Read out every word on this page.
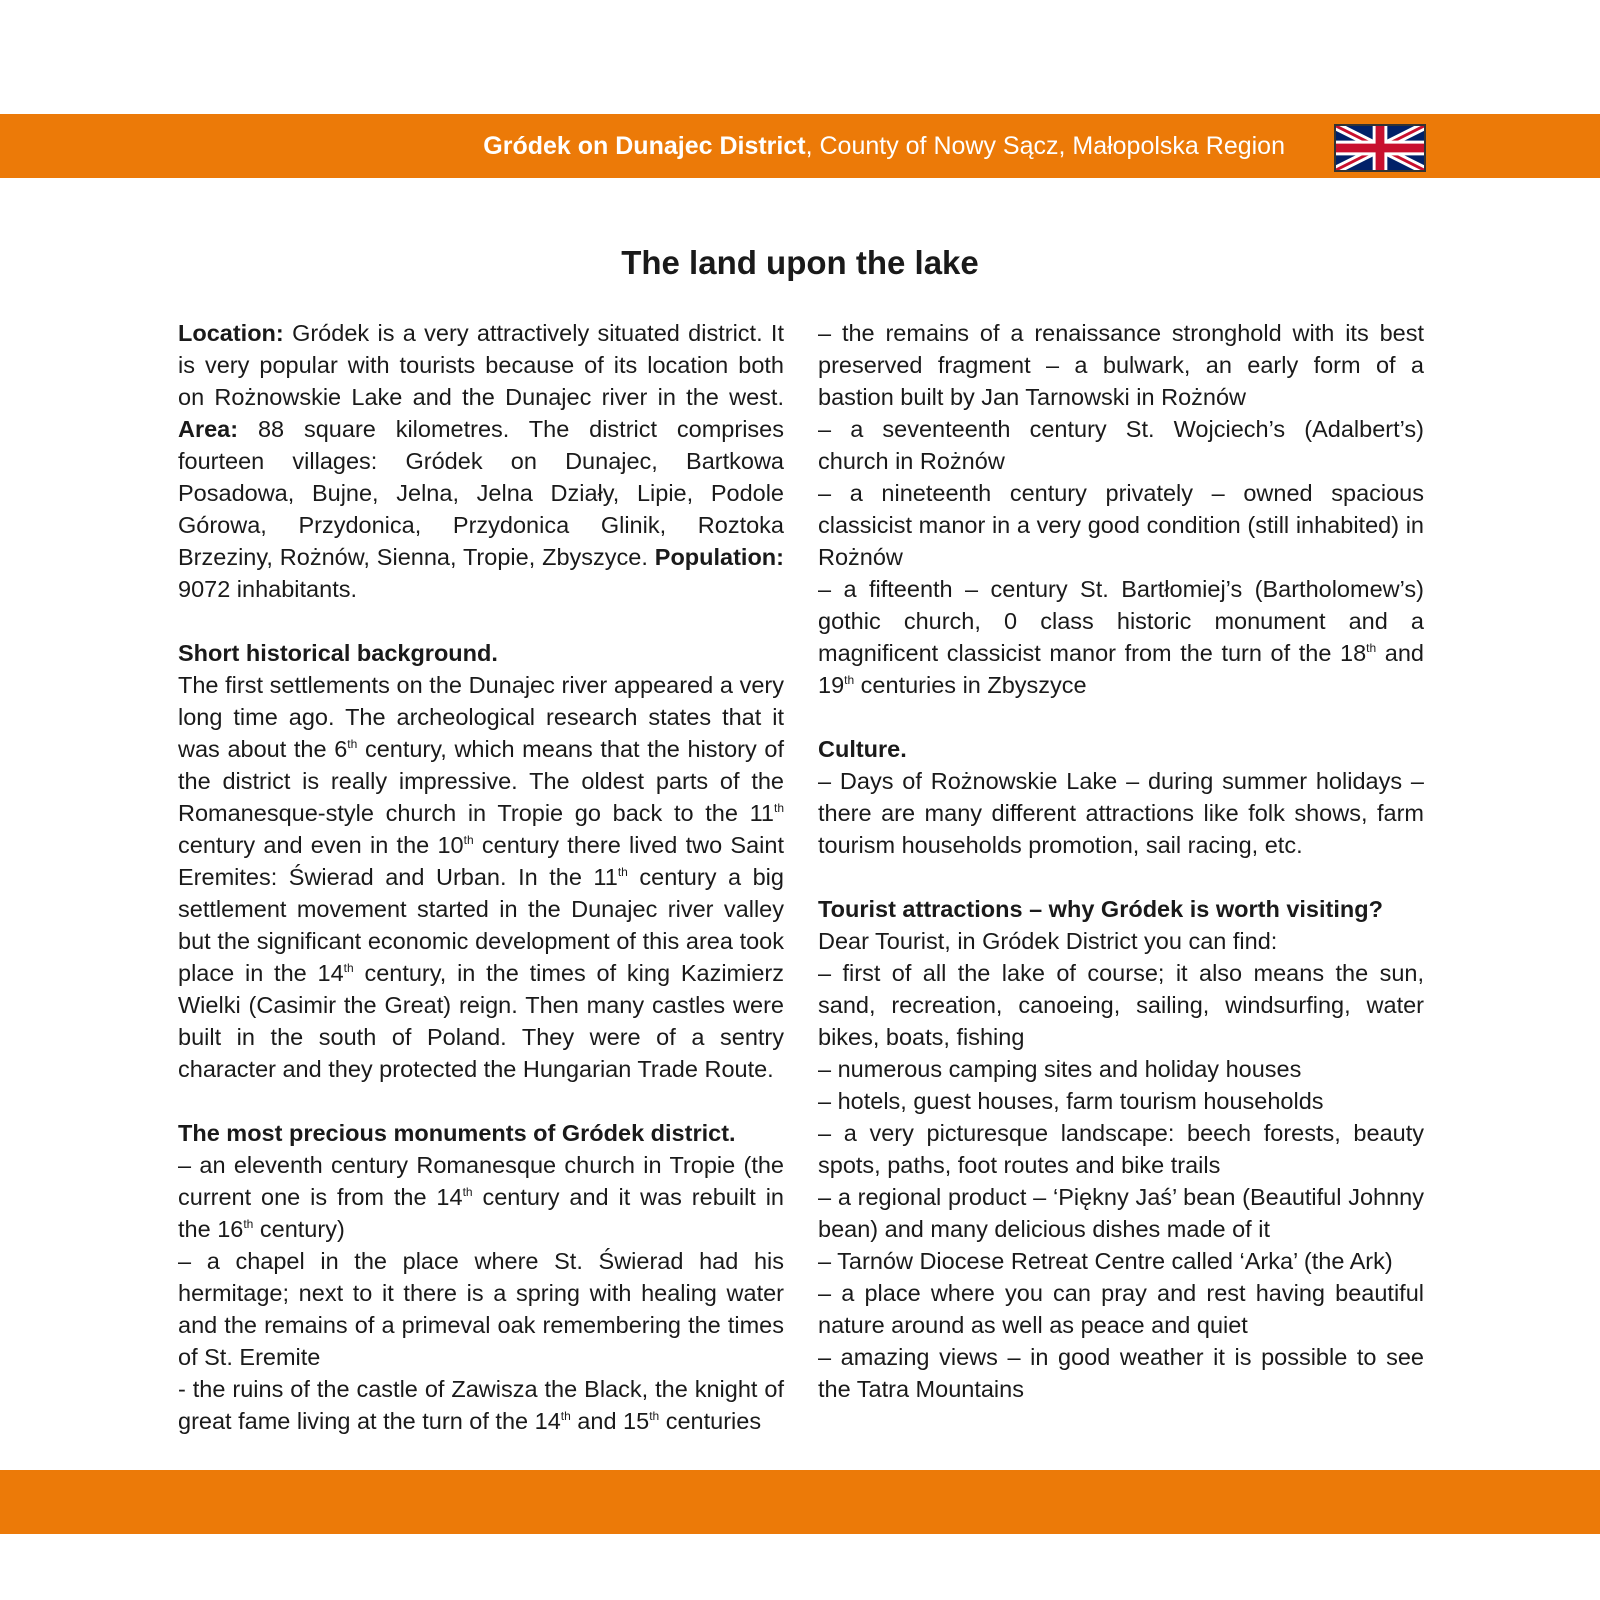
Gródek on Dunajec District, County of Nowy Sącz, Małopolska Region
The land upon the lake

Location: Gródek is a very attractively situated district. It is very popular with tourists because of its location both on Rożnowskie Lake and the Dunajec river in the west. Area: 88 square kilometres. The district comprises fourteen villages: Gródek on Dunajec, Bartkowa Posadowa, Bujne, Jelna, Jelna Działy, Lipie, Podole Górowa, Przydonica, Przydonica Glinik, Roztoka Brzeziny, Rożnów, Sienna, Tropie, Zbyszyce. Population: 9072 inhabitants.

Short historical background.

The first settlements on the Dunajec river appeared a very long time ago. The archeological research states that it was about the 6th century, which means that the history of the district is really impressive. The oldest parts of the Romanesque-style church in Tropie go back to the 11th century and even in the 10th century there lived two Saint Eremites: Świerad and Urban. In the 11th century a big settlement movement started in the Dunajec river valley but the significant economic development of this area took place in the 14th century, in the times of king Kazimierz Wielki (Casimir the Great) reign. Then many castles were built in the south of Poland. They were of a sentry character and they protected the Hungarian Trade Route.

The most precious monuments of Gródek district.

– an eleventh century Romanesque church in Tropie (the current one is from the 14th century and it was rebuilt in the 16th century)

– a chapel in the place where St. Świerad had his hermitage; next to it there is a spring with healing water and the remains of a primeval oak remembering the times of St. Eremite

- the ruins of the castle of Zawisza the Black, the knight of great fame living at the turn of the 14th and 15th centuries

– the remains of a renaissance stronghold with its best preserved fragment – a bulwark, an early form of a bastion built by Jan Tarnowski in Rożnów

– a seventeenth century St. Wojciech’s (Adalbert’s) church in Rożnów

– a nineteenth century privately – owned spacious classicist manor in a very good condition (still inhabited) in Rożnów

– a fifteenth – century St. Bartłomiej’s (Bartholomew’s) gothic church, 0 class historic monument and a magnificent classicist manor from the turn of the 18th and 19th centuries in Zbyszyce

Culture.

– Days of Rożnowskie Lake – during summer holidays – there are many different attractions like folk shows, farm tourism households promotion, sail racing, etc.

Tourist attractions – why Gródek is worth visiting?

Dear Tourist, in Gródek District you can find:

– first of all the lake of course; it also means the sun, sand, recreation, canoeing, sailing, windsurfing, water bikes, boats, fishing

– numerous camping sites and holiday houses

– hotels, guest houses, farm tourism households

– a very picturesque landscape: beech forests, beauty spots, paths, foot routes and bike trails

– a regional product – ‘Piękny Jaś’ bean (Beautiful Johnny bean) and many delicious dishes made of it

– Tarnów Diocese Retreat Centre called ‘Arka’ (the Ark)

– a place where you can pray and rest having beautiful nature around as well as peace and quiet

– amazing views – in good weather it is possible to see the Tatra Mountains
